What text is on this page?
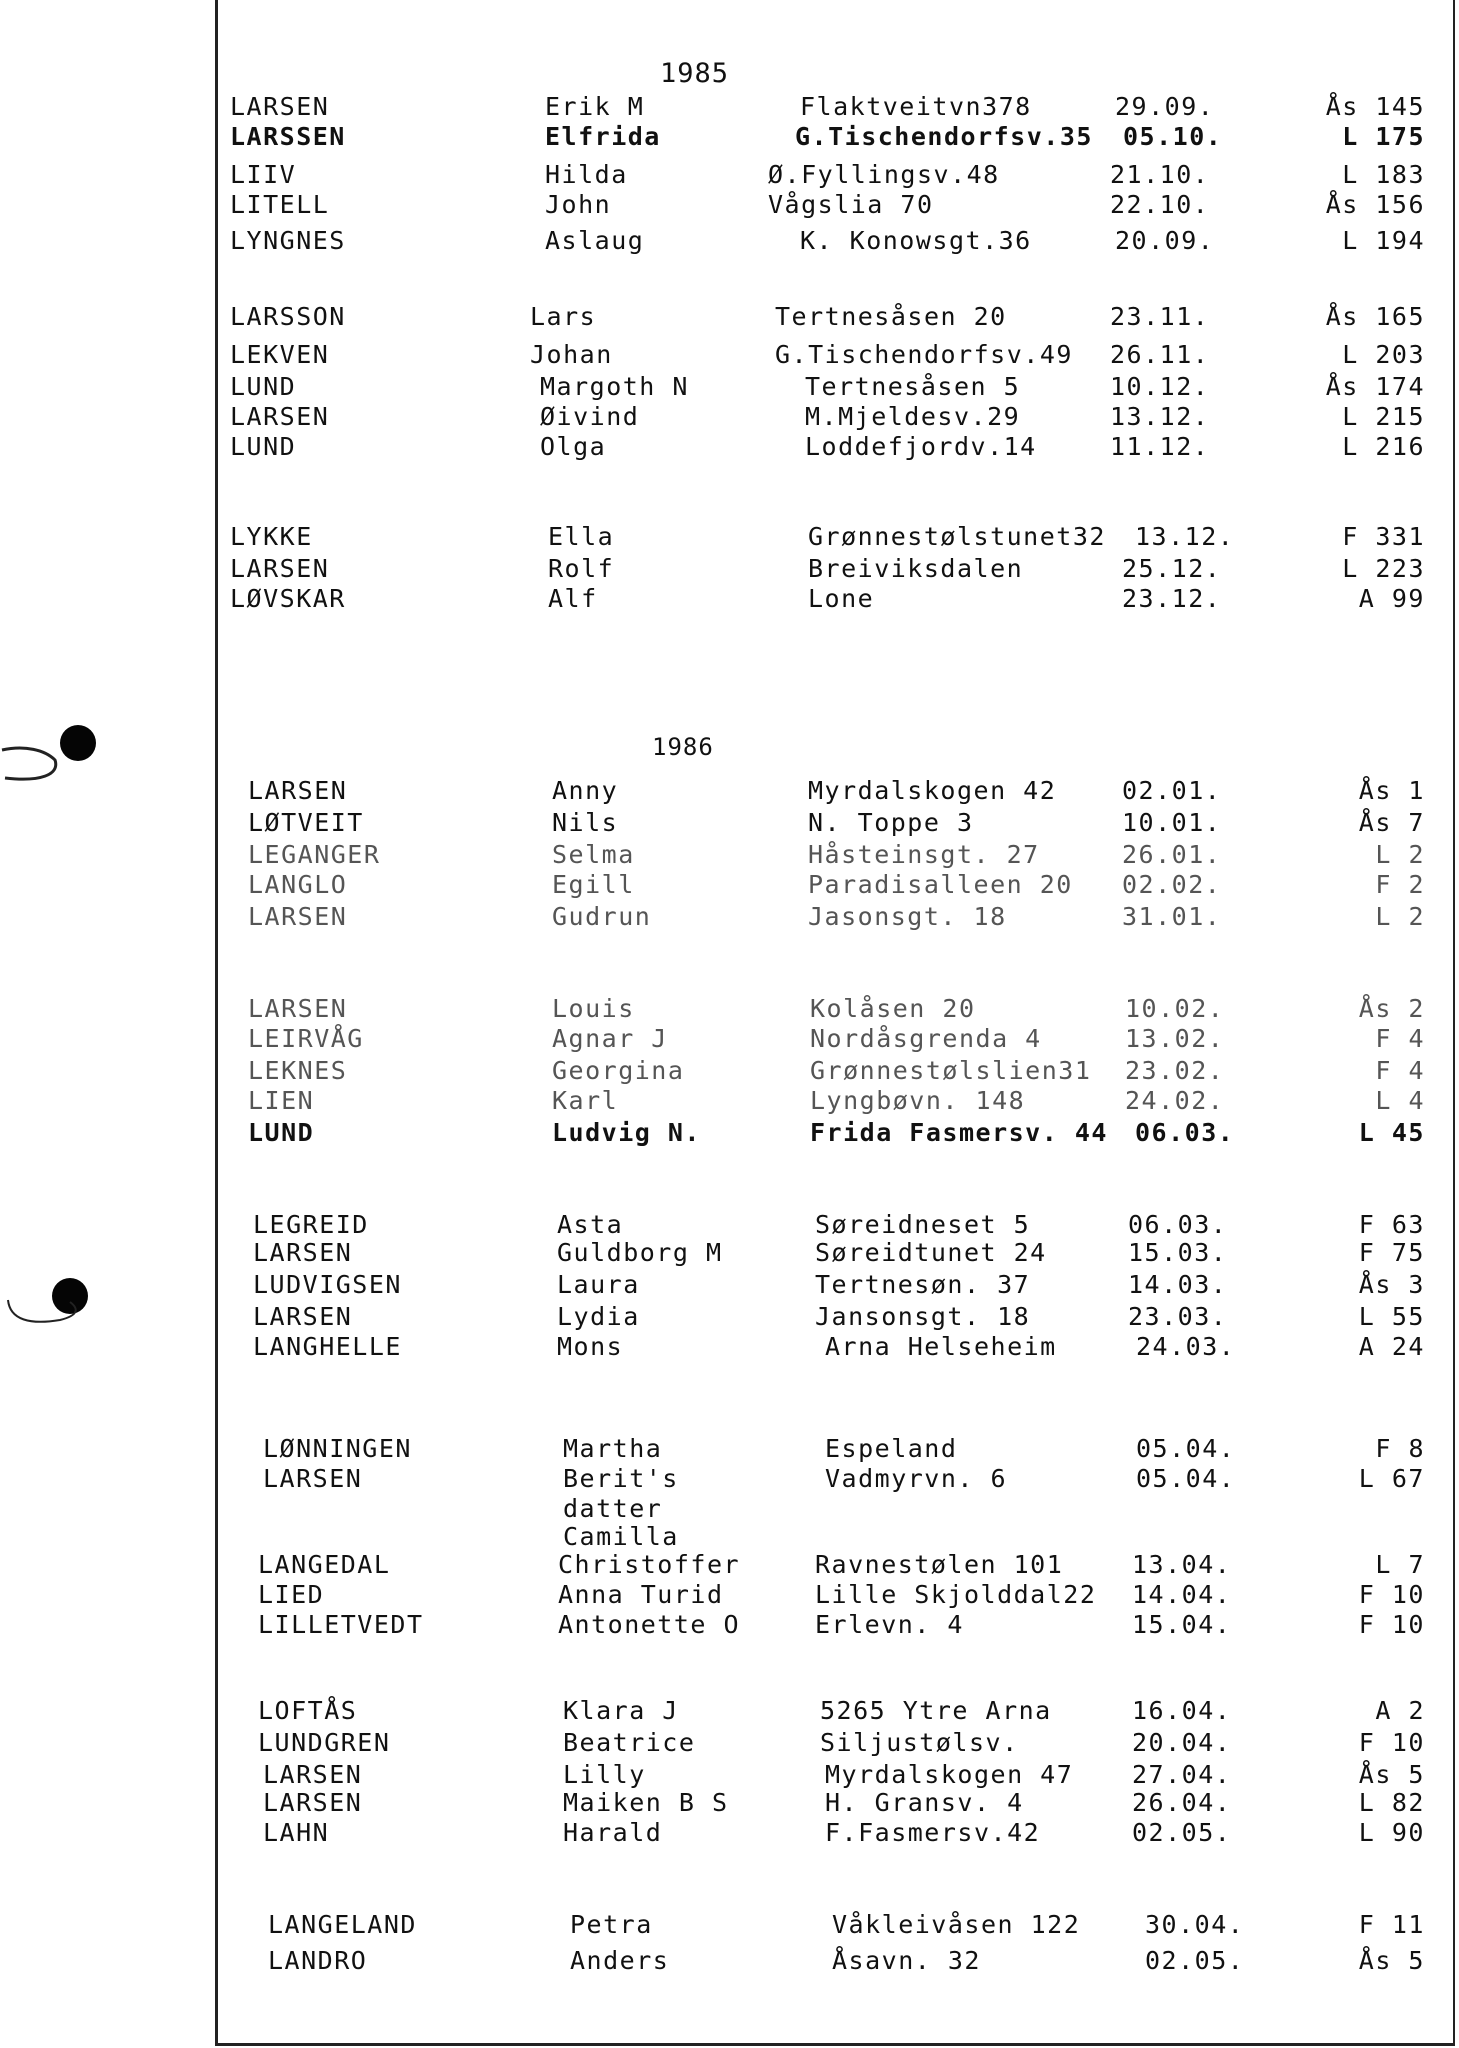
1985
LARSEN	Erik M	Flaktveitvn378	29.09.	Ås 145
LARSSEN	Elfrida	G.Tischendorfsv.35 05.10.	L 175
LIIV	Hilda	Ø.Fyllingsv.48	21.10.	L 183
LITELL	John	Vågslia 70	22.10.	Ås 156
LYNGNES	Aslaug	K. Konowsgt.36	20.09.	L 194
LARSSON	Lars	Tertnesåsen 20	23.11.	Ås 165
LEKVEN	Johan	G.Tischendorfsv.49 26.11.	L 203
LUND	Margoth N	Tertnesåsen 5	10.12.	Ås 174
LARSEN	Øivind	M.Mjeldesv.29	13.12.	L 215
LUND	Olga	Loddefjordv.14	11.12.	L 216
LYKKE	Ella	Grønnestølstunet32 13.12.	F 331
LARSEN	Rolf	Breiviksdalen	25.12.	L 223
LØVSKAR	Alf	Lone	23.12.	A 99
1986
LARSEN	Anny	Myrdalskogen 42	02.01.	Ås 1
LØTVEIT	Nils	N. Toppe 3	10.01.	Ås 7
LEGANGER	Selma	Håsteinsgt. 27	26.01.	L 2
LANGLO	Egill	Paradisalleen 20 02.02.	F 2
LARSEN	Gudrun	Jasonsgt. 18	31.01.	L 2
LARSEN	Louis	Kolåsen 20	10.02.	Ås 2
LEIRVÅG	Agnar J	Nordåsgrenda 4	13.02.	F 4
LEKNES	Georgina	Grønnestølslien31 23.02.	F 4
LIEN	Karl	Lyngbøvn. 148	24.02.	L 4
LUND	Ludvig N.	Frida Fasmersv. 44 06.03.	L 45
LEGREID	Asta	Søreidneset 5	06.03.	F 63
LARSEN	Guldborg M	Søreidtunet 24	15.03.	F 75
LUDVIGSEN	Laura	Tertnesøn. 37	14.03.	Ås 3
LARSEN	Lydia	Jansonsgt. 18	23.03.	L 55
LANGHELLE	Mons	Arna Helseheim	24.03.	A 24
LØNNINGEN	Martha	Espeland	05.04.	F 8
LARSEN	Berit's	Vadmyrvn. 6	05.04.	L 67
datter
Camilla
LANGEDAL	Christoffer	Ravnestølen 101	13.04.	L 7
LIED	Anna Turid	Lille Skjolddal22 14.04.	F 10
LILLETVEDT	Antonette O	Erlevn. 4	15.04.	F 10
LOFTÅS	Klara J	5265 Ytre Arna	16.04.	A 2
LUNDGREN	Beatrice	Siljustølsv.	20.04.	F 10
LARSEN	Lilly	Myrdalskogen 47 27.04.	Ås 5
LARSEN	Maiken B S	H. Gransv. 4	26.04.	L 82
LAHN	Harald	F.Fasmersv.42	02.05.	L 90
LANGELAND	Petra	Våkleivåsen 122	30.04.	F 11
LANDRO	Anders	Åsavn. 32	02.05.	Ås 5
